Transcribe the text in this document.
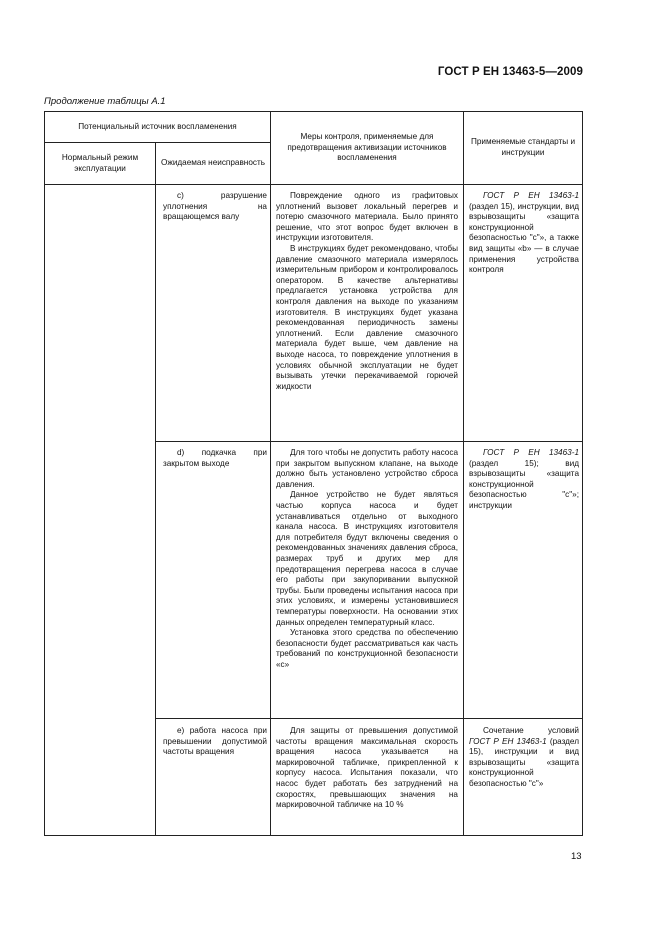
ГОСТ Р ЕН 13463-5—2009
Продолжение таблицы А.1
Потенциальный источник воспламенения
Нормальный режим эксплуатации
Ожидаемая неисправность
Меры контроля, применяемые для предотвращения активизации источников воспламенения
Применяемые стандарты и инструкции

c) разрушение уплотнения на вращающемся валу

Повреждение одного из графитовых уплотнений вызовет локальный перегрев и потерю смазочного материала. Было принято решение, что этот вопрос будет включен в инструкции изготовителя.

В инструкциях будет рекомендовано, чтобы давление смазочного материала измерялось измерительным прибором и контролировалось оператором. В качестве альтернативы предлагается установка устройства для контроля давления на выходе по указаниям изготовителя. В инструкциях будет указана рекомендованная периодичность замены уплотнений. Если давление смазочного материала будет выше, чем давление на выходе насоса, то повреждение уплотнения в условиях обычной эксплуатации не будет вызывать утечки перекачиваемой горючей жидкости

ГОСТ Р ЕН 13463-1 (раздел 15), инструкции, вид взрывозащиты «защита конструкционной безопасностью "с"», а также вид защиты «b» — в случае применения устройства контроля

d) подкачка при закрытом выходе

Для того чтобы не допустить работу насоса при закрытом выпускном клапане, на выходе должно быть установлено устройство сброса давления.

Данное устройство не будет являться частью корпуса насоса и будет устанавливаться отдельно от выходного канала насоса. В инструкциях изготовителя для потребителя будут включены сведения о рекомендованных значениях давления сброса, размерах труб и других мер для предотвращения перегрева насоса в случае его работы при закупоривании выпускной трубы. Были проведены испытания насоса при этих условиях, и измерены установившиеся температуры поверхности. На основании этих данных определен температурный класс.

Установка этого средства по обеспечению безопасности будет рассматриваться как часть требований по конструкционной безопасности «с»

ГОСТ Р ЕН 13463-1 (раздел 15); вид взрывозащиты «защита конструкционной безопасностью "с"»; инструкции

e) работа насоса при превышении допустимой частоты вращения

Для защиты от превышения допустимой частоты вращения максимальная скорость вращения насоса указывается на маркировочной табличке, прикрепленной к корпусу насоса. Испытания показали, что насос будет работать без затруднений на скоростях, превышающих значения на маркировочной табличке на 10 %

Сочетание условий ГОСТ Р ЕН 13463-1 (раздел 15), инструкции и вид взрывозащиты «защита конструкционной безопасностью "с"»

13
